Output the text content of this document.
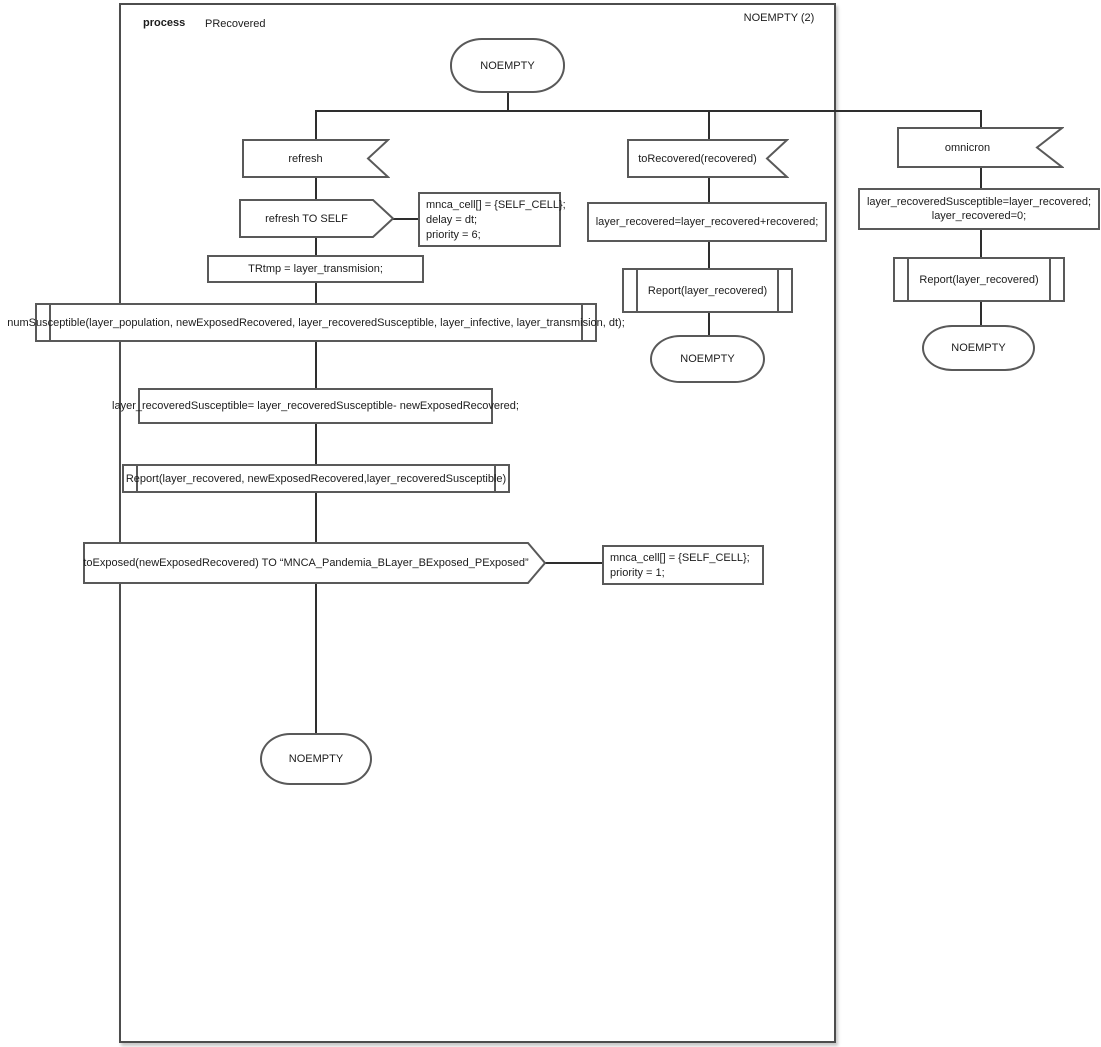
process PRecovered	NOEMPTY (2)
NOEMPTY
refresh
refresh TO SELF
mnca_cell[] = {SELF_CELL};
delay = dt;
priority = 6;
TRtmp = layer_transmision;
numSusceptible(layer_population, newExposedRecovered, layer_recoveredSusceptible, layer_infective, layer_transmision, dt);
layer_recoveredSusceptible= layer_recoveredSusceptible- newExposedRecovered;
Report(layer_recovered, newExposedRecovered,layer_recoveredSusceptible)
toExposed(newExposedRecovered) TO “MNCA_Pandemia_BLayer_BExposed_PExposed”	mnca_cell[] = {SELF_CELL};
priority = 1;
NOEMPTY
toRecovered(recovered)
layer_recovered=layer_recovered+recovered;
Report(layer_recovered)
NOEMPTY
omnicron
layer_recoveredSusceptible=layer_recovered;
layer_recovered=0;
Report(layer_recovered)
NOEMPTY
